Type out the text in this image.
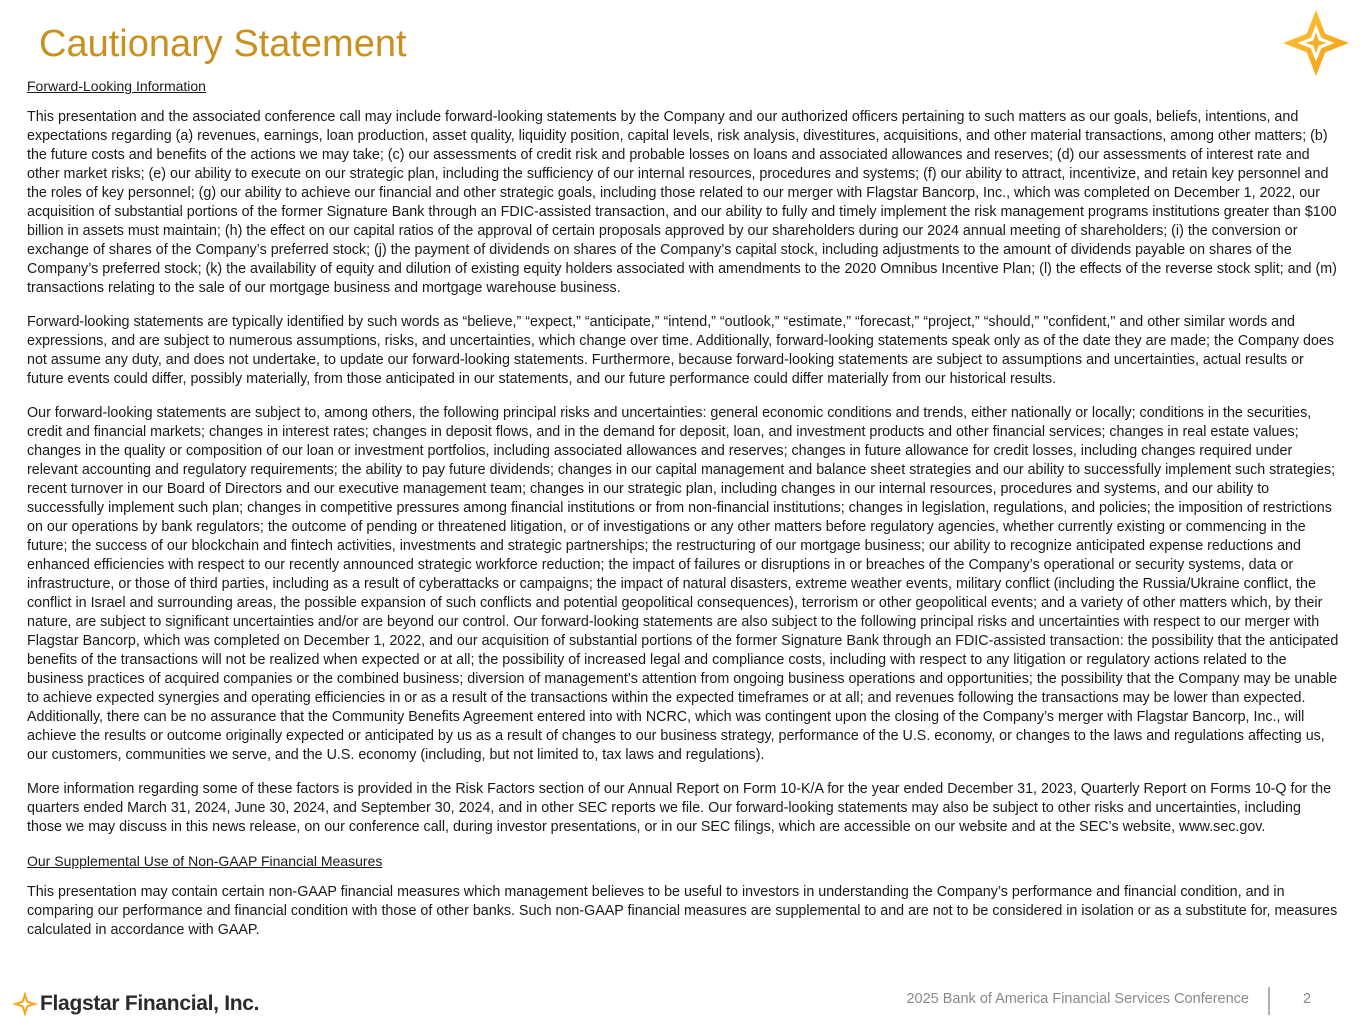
Cautionary Statement

Forward-Looking Information

This presentation and the associated conference call may include forward-looking statements by the Company and our authorized officers pertaining to such matters as our goals, beliefs, intentions, and expectations regarding (a) revenues, earnings, loan production, asset quality, liquidity position, capital levels, risk analysis, divestitures, acquisitions, and other material transactions, among other matters; (b) the future costs and benefits of the actions we may take; (c) our assessments of credit risk and probable losses on loans and associated allowances and reserves; (d) our assessments of interest rate and other market risks; (e) our ability to execute on our strategic plan, including the sufficiency of our internal resources, procedures and systems; (f) our ability to attract, incentivize, and retain key personnel and the roles of key personnel; (g) our ability to achieve our financial and other strategic goals, including those related to our merger with Flagstar Bancorp, Inc., which was completed on December 1, 2022, our acquisition of substantial portions of the former Signature Bank through an FDIC-assisted transaction, and our ability to fully and timely implement the risk management programs institutions greater than $100 billion in assets must maintain; (h) the effect on our capital ratios of the approval of certain proposals approved by our shareholders during our 2024 annual meeting of shareholders; (i) the conversion or exchange of shares of the Company’s preferred stock; (j) the payment of dividends on shares of the Company’s capital stock, including adjustments to the amount of dividends payable on shares of the Company’s preferred stock; (k) the availability of equity and dilution of existing equity holders associated with amendments to the 2020 Omnibus Incentive Plan; (l) the effects of the reverse stock split; and (m) transactions relating to the sale of our mortgage business and mortgage warehouse business.

Forward-looking statements are typically identified by such words as “believe,” “expect,” “anticipate,” “intend,” “outlook,” “estimate,” “forecast,” “project,” “should,” "confident," and other similar words and expressions, and are subject to numerous assumptions, risks, and uncertainties, which change over time. Additionally, forward-looking statements speak only as of the date they are made; the Company does not assume any duty, and does not undertake, to update our forward-looking statements. Furthermore, because forward-looking statements are subject to assumptions and uncertainties, actual results or future events could differ, possibly materially, from those anticipated in our statements, and our future performance could differ materially from our historical results.

Our forward-looking statements are subject to, among others, the following principal risks and uncertainties: general economic conditions and trends, either nationally or locally; conditions in the securities, credit and financial markets; changes in interest rates; changes in deposit flows, and in the demand for deposit, loan, and investment products and other financial services; changes in real estate values; changes in the quality or composition of our loan or investment portfolios, including associated allowances and reserves; changes in future allowance for credit losses, including changes required under relevant accounting and regulatory requirements; the ability to pay future dividends; changes in our capital management and balance sheet strategies and our ability to successfully implement such strategies; recent turnover in our Board of Directors and our executive management team; changes in our strategic plan, including changes in our internal resources, procedures and systems, and our ability to successfully implement such plan; changes in competitive pressures among financial institutions or from non-financial institutions; changes in legislation, regulations, and policies; the imposition of restrictions on our operations by bank regulators; the outcome of pending or threatened litigation, or of investigations or any other matters before regulatory agencies, whether currently existing or commencing in the future; the success of our blockchain and fintech activities, investments and strategic partnerships; the restructuring of our mortgage business; our ability to recognize anticipated expense reductions and enhanced efficiencies with respect to our recently announced strategic workforce reduction; the impact of failures or disruptions in or breaches of the Company’s operational or security systems, data or infrastructure, or those of third parties, including as a result of cyberattacks or campaigns; the impact of natural disasters, extreme weather events, military conflict (including the Russia/Ukraine conflict, the conflict in Israel and surrounding areas, the possible expansion of such conflicts and potential geopolitical consequences), terrorism or other geopolitical events; and a variety of other matters which, by their nature, are subject to significant uncertainties and/or are beyond our control. Our forward-looking statements are also subject to the following principal risks and uncertainties with respect to our merger with Flagstar Bancorp, which was completed on December 1, 2022, and our acquisition of substantial portions of the former Signature Bank through an FDIC-assisted transaction: the possibility that the anticipated benefits of the transactions will not be realized when expected or at all; the possibility of increased legal and compliance costs, including with respect to any litigation or regulatory actions related to the business practices of acquired companies or the combined business; diversion of management’s attention from ongoing business operations and opportunities; the possibility that the Company may be unable to achieve expected synergies and operating efficiencies in or as a result of the transactions within the expected timeframes or at all; and revenues following the transactions may be lower than expected. Additionally, there can be no assurance that the Community Benefits Agreement entered into with NCRC, which was contingent upon the closing of the Company’s merger with Flagstar Bancorp, Inc., will achieve the results or outcome originally expected or anticipated by us as a result of changes to our business strategy, performance of the U.S. economy, or changes to the laws and regulations affecting us, our customers, communities we serve, and the U.S. economy (including, but not limited to, tax laws and regulations).

More information regarding some of these factors is provided in the Risk Factors section of our Annual Report on Form 10-K/A for the year ended December 31, 2023, Quarterly Report on Forms 10-Q for the quarters ended March 31, 2024, June 30, 2024, and September 30, 2024, and in other SEC reports we file. Our forward-looking statements may also be subject to other risks and uncertainties, including those we may discuss in this news release, on our conference call, during investor presentations, or in our SEC filings, which are accessible on our website and at the SEC’s website, www.sec.gov.

Our Supplemental Use of Non-GAAP Financial Measures

This presentation may contain certain non-GAAP financial measures which management believes to be useful to investors in understanding the Company’s performance and financial condition, and in comparing our performance and financial condition with those of other banks. Such non-GAAP financial measures are supplemental to and are not to be considered in isolation or as a substitute for, measures calculated in accordance with GAAP.

Flagstar Financial, Inc.	2025 Bank of America Financial Services Conference	2
